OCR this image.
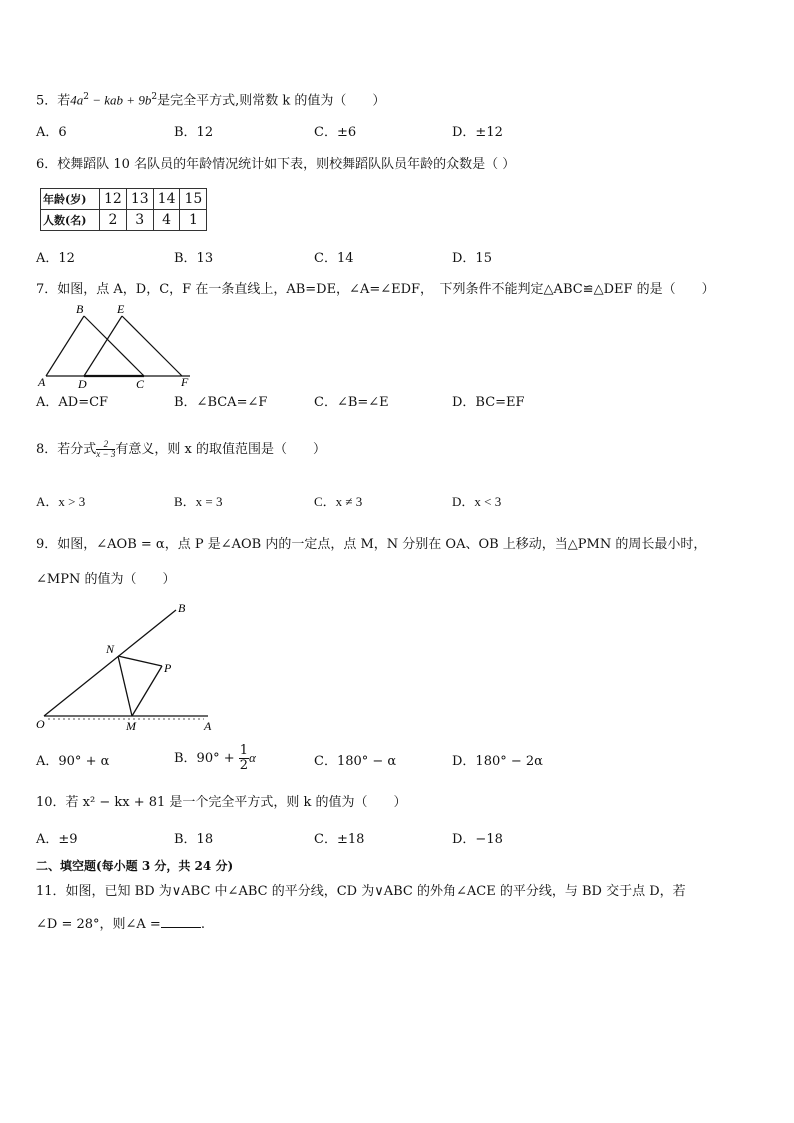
5．若$4a^2$ − kab + $9b^2$是完全平方式,则常数 k 的值为（　　）
A．6	B．12	C．±6	D．±12
6．校舞蹈队 10 名队员的年龄情况统计如下表，则校舞蹈队队员年龄的众数是（ ）
年龄(岁)	12	13	14	15
人数(名)	2	3	4	1
A．12	B．13	C．14	D．15
7．如图，点 A，D，C，F 在一条直线上，AB=DE，∠A=∠EDF，　下列条件不能判定△ABC≌△DEF 的是（　　）
A
B
C
D
E
F
A．AD=CF	B．∠BCA=∠F	C．∠B=∠E	D．BC=EF
8．若分式 $\frac{2}{x - 3}$ 有意义，则 x 的取值范围是（　　）
A．x > 3	B．x = 3	C．x ≠ 3	D．x < 3
9．如图，∠AOB = α，点 P 是∠AOB 内的一定点，点 M，N 分别在 OA、OB 上移动，当△PMN 的周长最小时，
∠MPN 的值为（　　）
O	A
B
N
M
P
A．90° + α	B．$90^\circ + \frac{1}{2}\alpha$	C．180° − α	D．180° − 2α
10．若 x² − kx + 81 是一个完全平方式，则 k 的值为（　　）
A．±9	B．18	C．±18	D．−18
二、填空题(每小题 3 分，共 24 分)
11．如图，已知 BD 为∨ABC 中∠ABC 的平分线，CD 为∨ABC 的外角∠ACE 的平分线，与 BD 交于点 D，若
∠D = 28°，则∠A =	.
